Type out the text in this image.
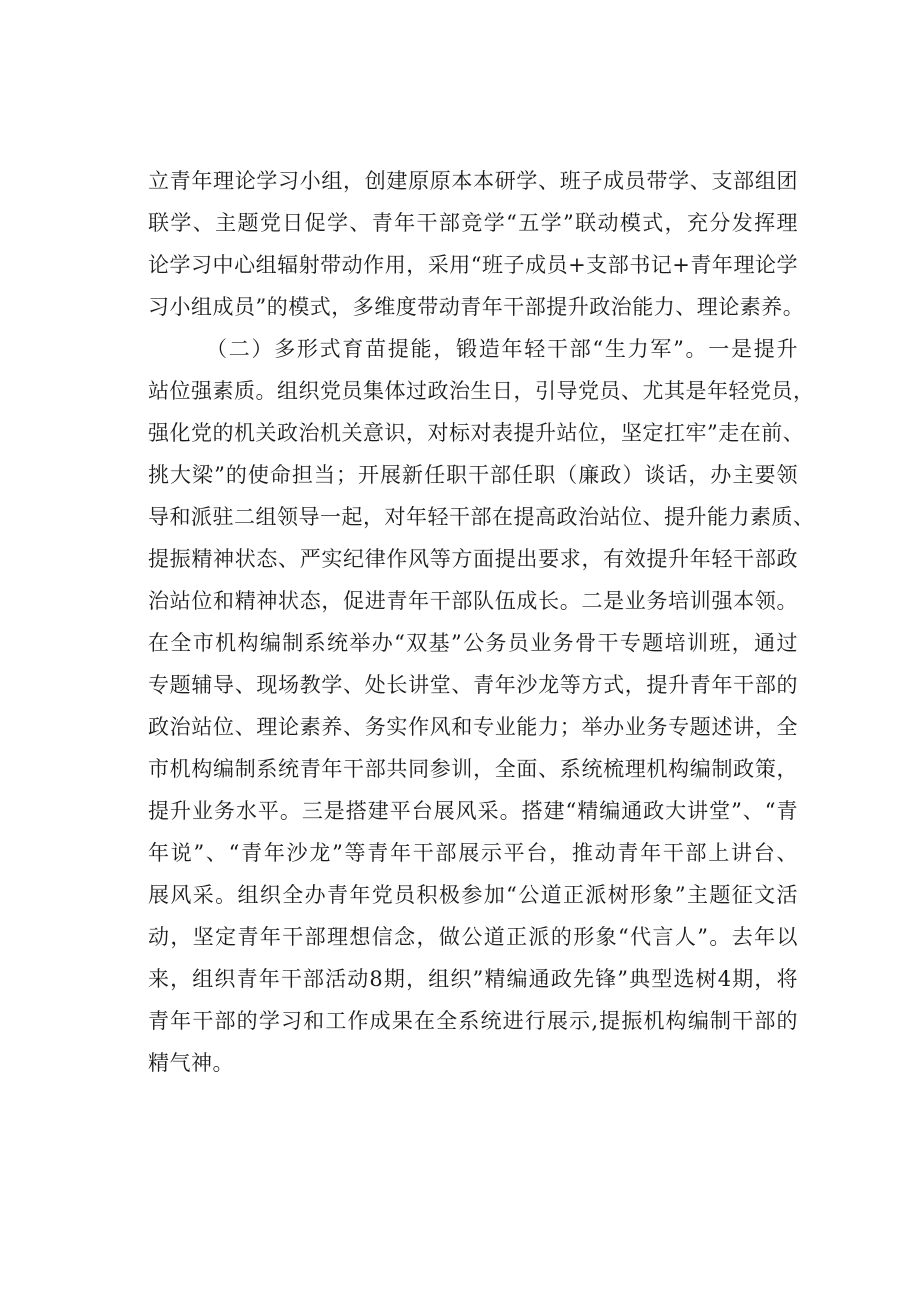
立青年理论学习小组，创建原原本本研学、班子成员带学、支部组团
联学、主题党日促学、青年干部竞学“五学”联动模式，充分发挥理
论学习中心组辐射带动作用，采用“班子成员+支部书记+青年理论学
习小组成员”的模式，多维度带动青年干部提升政治能力、理论素养。
（二）多形式育苗提能，锻造年轻干部“生力军”。一是提升
站位强素质。组织党员集体过政治生日，引导党员、尤其是年轻党员，
强化党的机关政治机关意识，对标对表提升站位，坚定扛牢”走在前、
挑大梁”的使命担当；开展新任职干部任职（廉政）谈话，办主要领
导和派驻二组领导一起，对年轻干部在提高政治站位、提升能力素质、
提振精神状态、严实纪律作风等方面提出要求，有效提升年轻干部政
治站位和精神状态，促进青年干部队伍成长。二是业务培训强本领。
在全市机构编制系统举办“双基”公务员业务骨干专题培训班，通过
专题辅导、现场教学、处长讲堂、青年沙龙等方式，提升青年干部的
政治站位、理论素养、务实作风和专业能力；举办业务专题述讲，全
市机构编制系统青年干部共同参训，全面、系统梳理机构编制政策，
提升业务水平。三是搭建平台展风采。搭建“精编通政大讲堂”、“青
年说”、“青年沙龙”等青年干部展示平台，推动青年干部上讲台、
展风采。组织全办青年党员积极参加“公道正派树形象”主题征文活
动，坚定青年干部理想信念，做公道正派的形象“代言人”。去年以
来，组织青年干部活动8期，组织”精编通政先锋”典型选树4期，将
青年干部的学习和工作成果在全系统进行展示,提振机构编制干部的
精气神。
